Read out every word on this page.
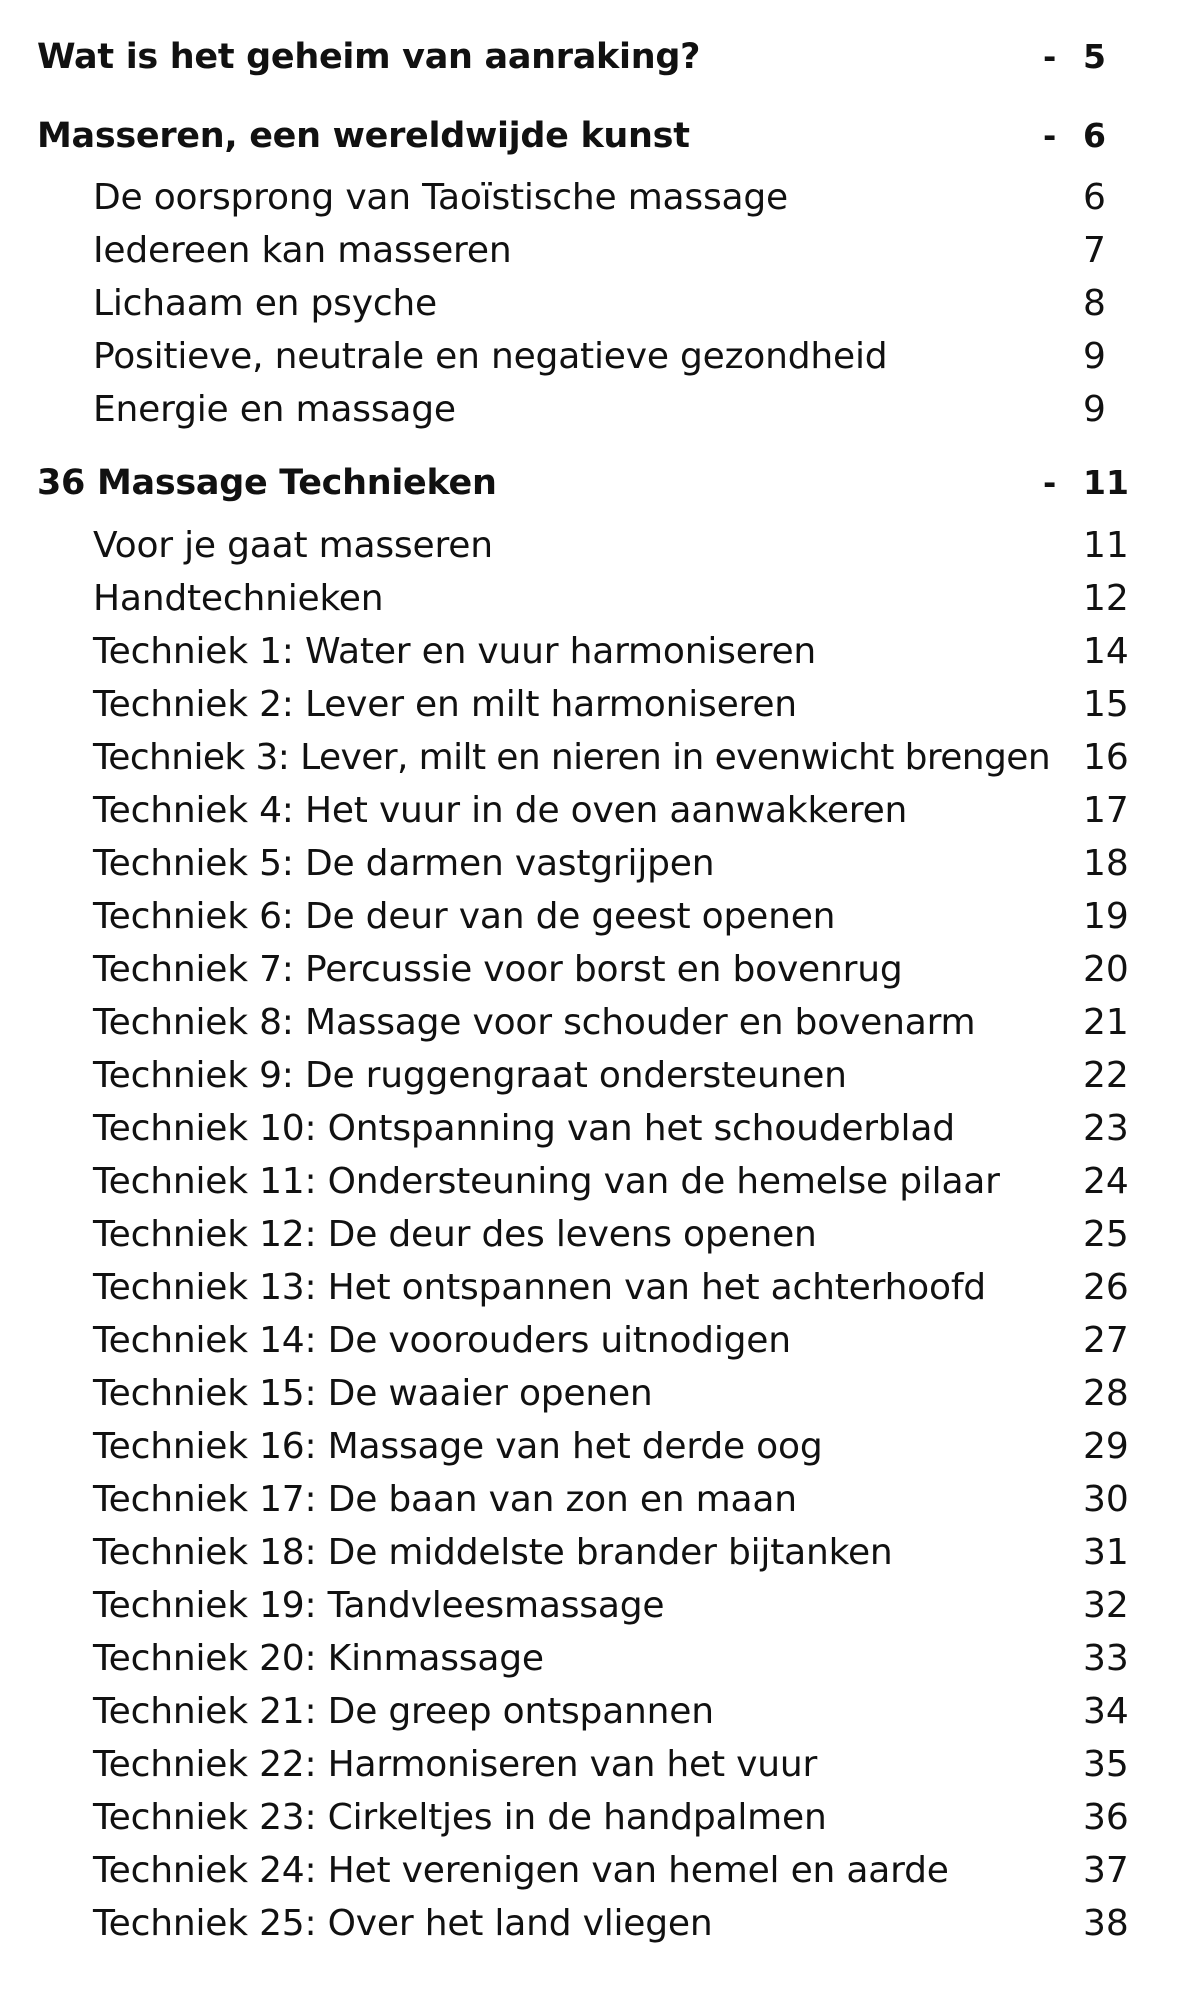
Wat is het geheim van aanraking?	- 5
Masseren, een wereldwijde kunst	- 6
De oorsprong van Taoïstische massage	6
Iedereen kan masseren	7
Lichaam en psyche	8
Positieve, neutrale en negatieve gezondheid	9
Energie en massage	9
36 Massage Technieken	- 11
Voor je gaat masseren	11
Handtechnieken	12
Techniek 1: Water en vuur harmoniseren	14
Techniek 2: Lever en milt harmoniseren	15
Techniek 3: Lever, milt en nieren in evenwicht brengen 16
Techniek 4: Het vuur in de oven aanwakkeren	17
Techniek 5: De darmen vastgrijpen	18
Techniek 6: De deur van de geest openen	19
Techniek 7: Percussie voor borst en bovenrug	20
Techniek 8: Massage voor schouder en bovenarm	21
Techniek 9: De ruggengraat ondersteunen	22
Techniek 10: Ontspanning van het schouderblad	23
Techniek 11: Ondersteuning van de hemelse pilaar 24
Techniek 12: De deur des levens openen	25
Techniek 13: Het ontspannen van het achterhoofd	26
Techniek 14: De voorouders uitnodigen	27
Techniek 15: De waaier openen	28
Techniek 16: Massage van het derde oog	29
Techniek 17: De baan van zon en maan	30
Techniek 18: De middelste brander bijtanken	31
Techniek 19: Tandvleesmassage	32
Techniek 20: Kinmassage	33
Techniek 21: De greep ontspannen	34
Techniek 22: Harmoniseren van het vuur	35
Techniek 23: Cirkeltjes in de handpalmen	36
Techniek 24: Het verenigen van hemel en aarde	37
Techniek 25: Over het land vliegen	38
